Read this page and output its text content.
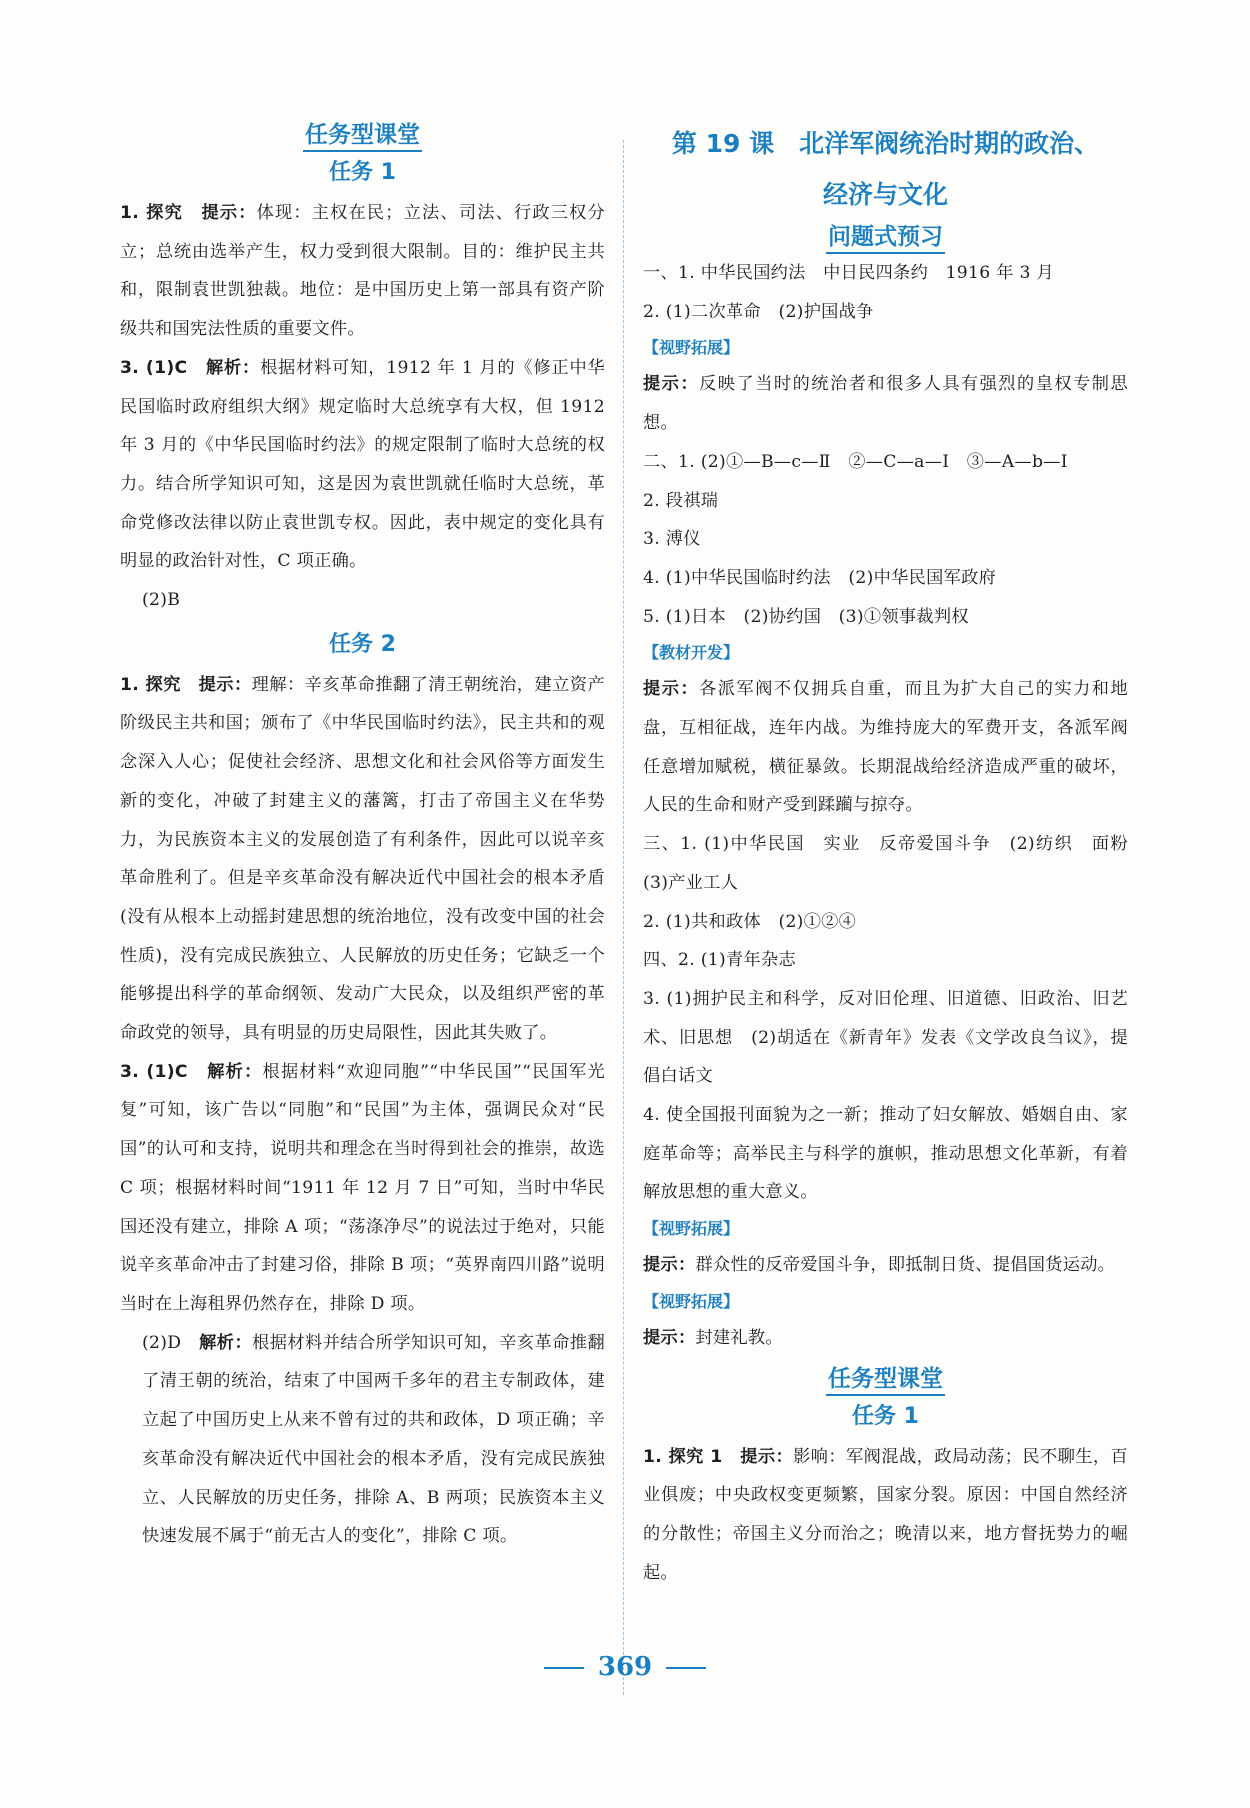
任务型课堂

任务 1

1. 探究　 提示：体现：主权在民；立法、司法、行政三权分立；总统由选举产生，权力受到很大限制。目的：维护民主共和，限制袁世凯独裁。地位：是中国历史上第一部具有资产阶级共和国宪法性质的重要文件。

3. (1)C　 解析：根据材料可知，1912 年 1 月的《修正中华民国临时政府组织大纲》规定临时大总统享有大权，但 1912 年 3 月的《中华民国临时约法》的规定限制了临时大总统的权力。结合所学知识可知，这是因为袁世凯就任临时大总统，革命党修改法律以防止袁世凯专权。因此，表中规定的变化具有明显的政治针对性，C 项正确。

(2)B

任务 2

1. 探究　 提示：理解：辛亥革命推翻了清王朝统治，建立资产阶级民主共和国；颁布了《中华民国临时约法》，民主共和的观念深入人心；促使社会经济、思想文化和社会风俗等方面发生新的变化，冲破了封建主义的藩篱，打击了帝国主义在华势力，为民族资本主义的发展创造了有利条件，因此可以说辛亥革命胜利了。但是辛亥革命没有解决近代中国社会的根本矛盾(没有从根本上动摇封建思想的统治地位，没有改变中国的社会性质)，没有完成民族独立、人民解放的历史任务；它缺乏一个能够提出科学的革命纲领、发动广大民众，以及组织严密的革命政党的领导，具有明显的历史局限性，因此其失败了。

3. (1)C　 解析：根据材料“欢迎同胞”“中华民国”“民国军光复”可知，该广告以“同胞”和“民国”为主体，强调民众对“民国”的认可和支持，说明共和理念在当时得到社会的推崇，故选 C 项；根据材料时间“1911 年 12 月 7 日”可知，当时中华民国还没有建立，排除 A 项；“荡涤净尽”的说法过于绝对，只能说辛亥革命冲击了封建习俗，排除 B 项；“英界南四川路”说明当时在上海租界仍然存在，排除 D 项。

(2)D　 解析：根据材料并结合所学知识可知，辛亥革命推翻了清王朝的统治，结束了中国两千多年的君主专制政体，建立起了中国历史上从来不曾有过的共和政体，D 项正确；辛亥革命没有解决近代中国社会的根本矛盾，没有完成民族独立、人民解放的历史任务，排除 A、B 两项；民族资本主义快速发展不属于“前无古人的变化”，排除 C 项。

第 19 课　北洋军阀统治时期的政治、

经济与文化

问题式预习

一、1. 中华民国约法　中日民四条约　1916 年 3 月

2. (1)二次革命　(2)护国战争

【视野拓展】

提示：反映了当时的统治者和很多人具有强烈的皇权专制思想。

二、1. (2)①—B—c—Ⅱ　②—C—a—Ⅰ　③—A—b—Ⅰ

2. 段祺瑞

3. 溥仪

4. (1)中华民国临时约法　(2)中华民国军政府

5. (1)日本　(2)协约国　(3)①领事裁判权

【教材开发】

提示：各派军阀不仅拥兵自重，而且为扩大自己的实力和地盘，互相征战，连年内战。为维持庞大的军费开支，各派军阀任意增加赋税，横征暴敛。长期混战给经济造成严重的破坏，人民的生命和财产受到蹂躏与掠夺。

三、1. (1)中华民国　实业　反帝爱国斗争　(2)纺织　面粉　(3)产业工人

2. (1)共和政体　(2)①②④

四、2. (1)青年杂志

3. (1)拥护民主和科学，反对旧伦理、旧道德、旧政治、旧艺术、旧思想　(2)胡适在《新青年》发表《文学改良刍议》，提倡白话文

4. 使全国报刊面貌为之一新；推动了妇女解放、婚姻自由、家庭革命等；高举民主与科学的旗帜，推动思想文化革新，有着解放思想的重大意义。

【视野拓展】

提示：群众性的反帝爱国斗争，即抵制日货、提倡国货运动。

【视野拓展】

提示：封建礼教。

任务型课堂

任务 1

1. 探究 1　 提示：影响：军阀混战，政局动荡；民不聊生，百业俱废；中央政权变更频繁，国家分裂。原因：中国自然经济的分散性；帝国主义分而治之；晚清以来，地方督抚势力的崛起。

369
